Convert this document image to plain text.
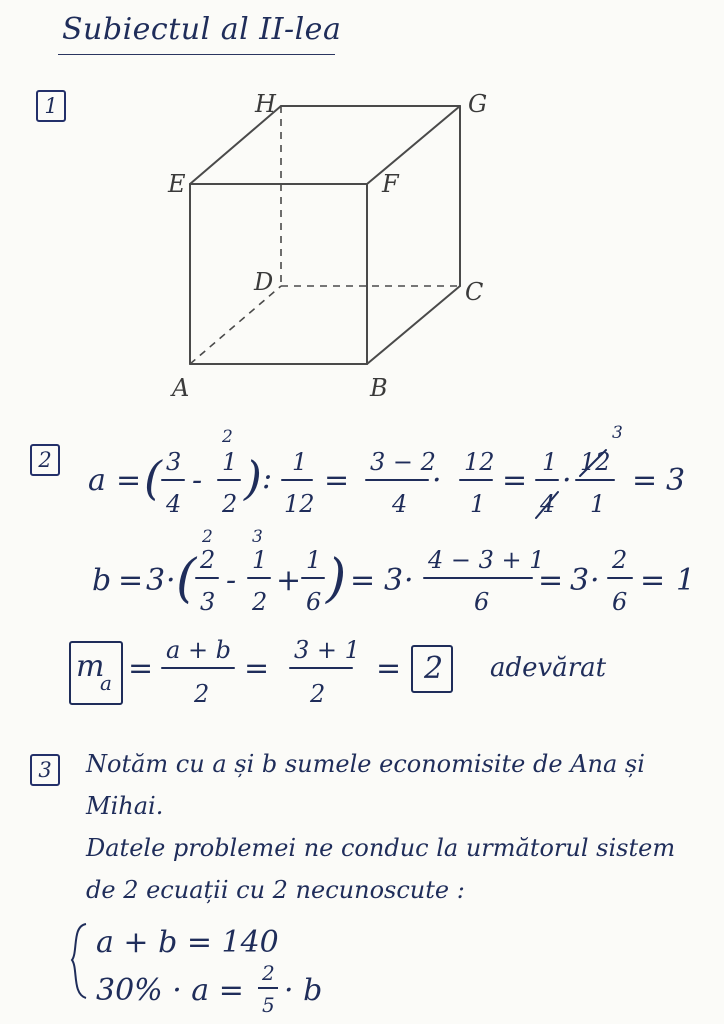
Subiectul al II-lea
1
A	B
C
D
E	F
G
H
2
a = ( 3
4
-
2
1
2 ) : 1
12
=
3 − 2
4
·
12
1
=
1
4
·
3
12
1
= 3
b = 3 · (
2
2
3
-
3
1
2
+
1
6 ) = 3 ·
4 − 3 + 1
6
= 3 ·
2
6
= 1
m
a =
a + b
2
=
3 + 1
2
= 2 adevărat
3	Notăm cu a și b sumele economisite de Ana și
Mihai.
Datele problemei ne conduc la următorul sistem
de 2 ecuații cu 2 necunoscute :
a + b = 140
30% · a = 2
5 · b
